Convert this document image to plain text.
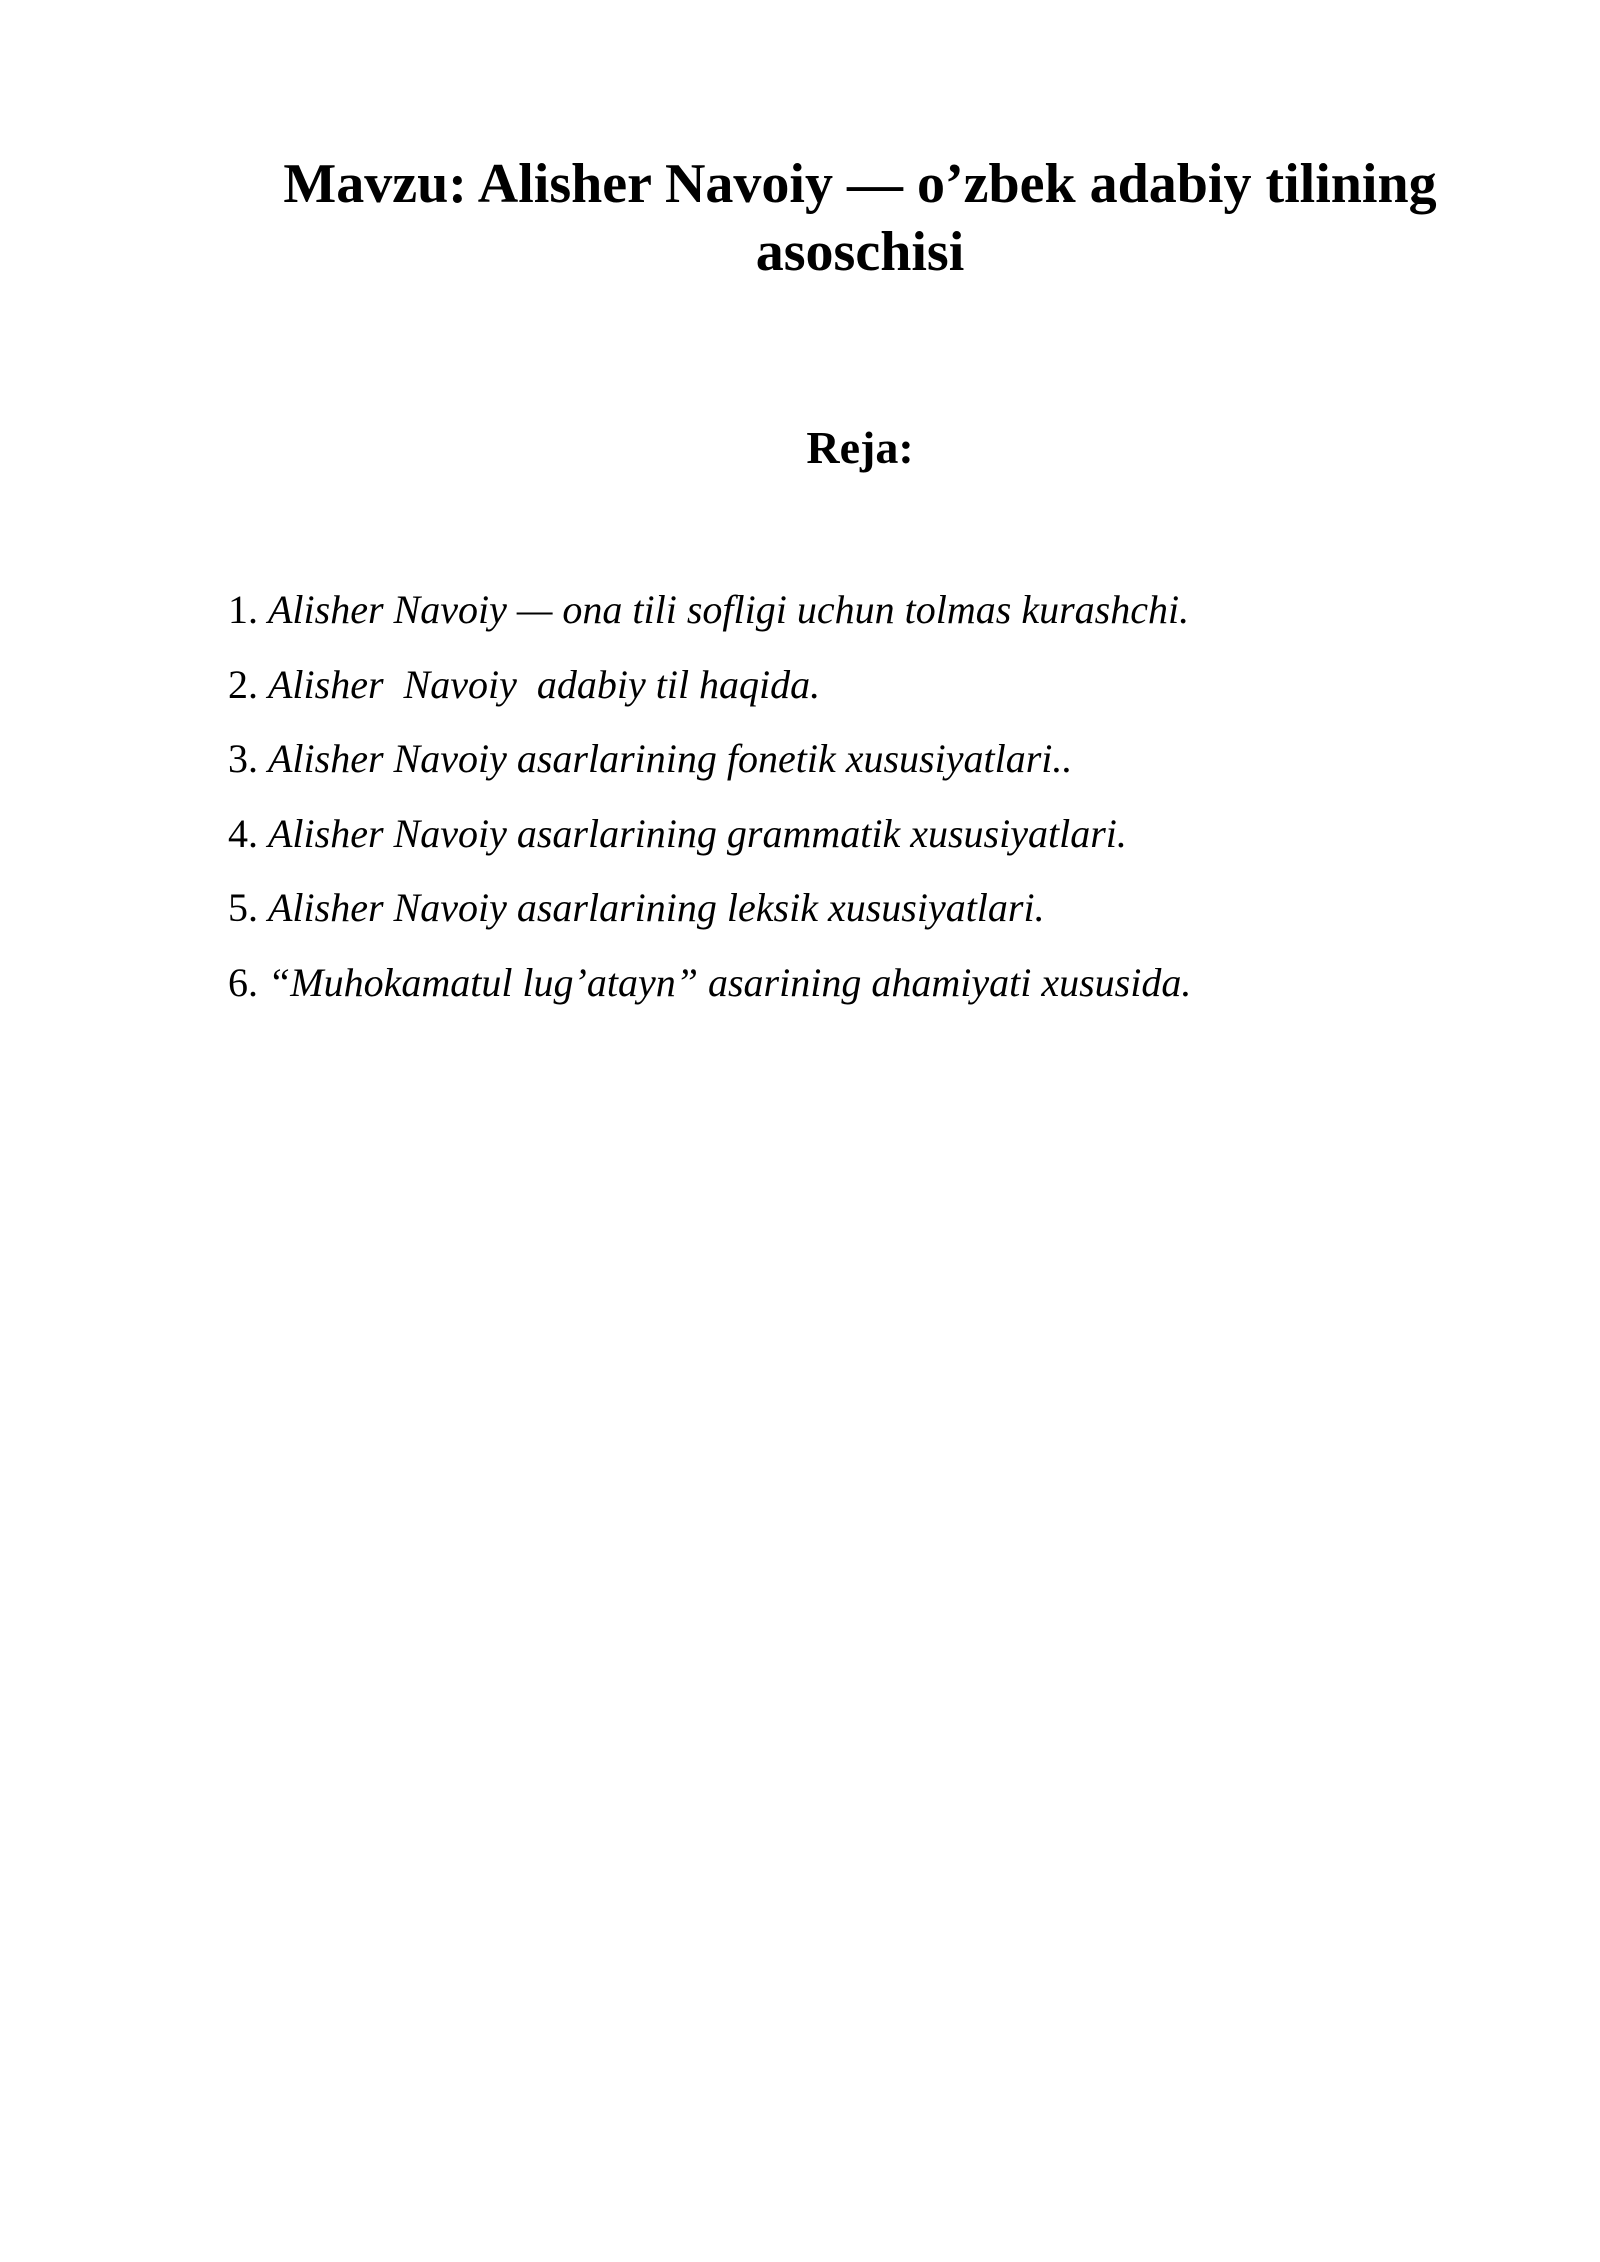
Mavzu: Alisher Navoiy — o’zbek adabiy tilining
asoschisi
Reja:
1. Alisher Navoiy — ona tili sofligi uchun tolmas kurashchi.
2. Alisher  Navoiy  adabiy til haqida.
3. Alisher Navoiy asarlarining fonetik xususiyatlari..
4. Alisher Navoiy asarlarining grammatik xususiyatlari.
5. Alisher Navoiy asarlarining leksik xususiyatlari.
6. “Muhokamatul lug’atayn” asarining ahamiyati xususida.
